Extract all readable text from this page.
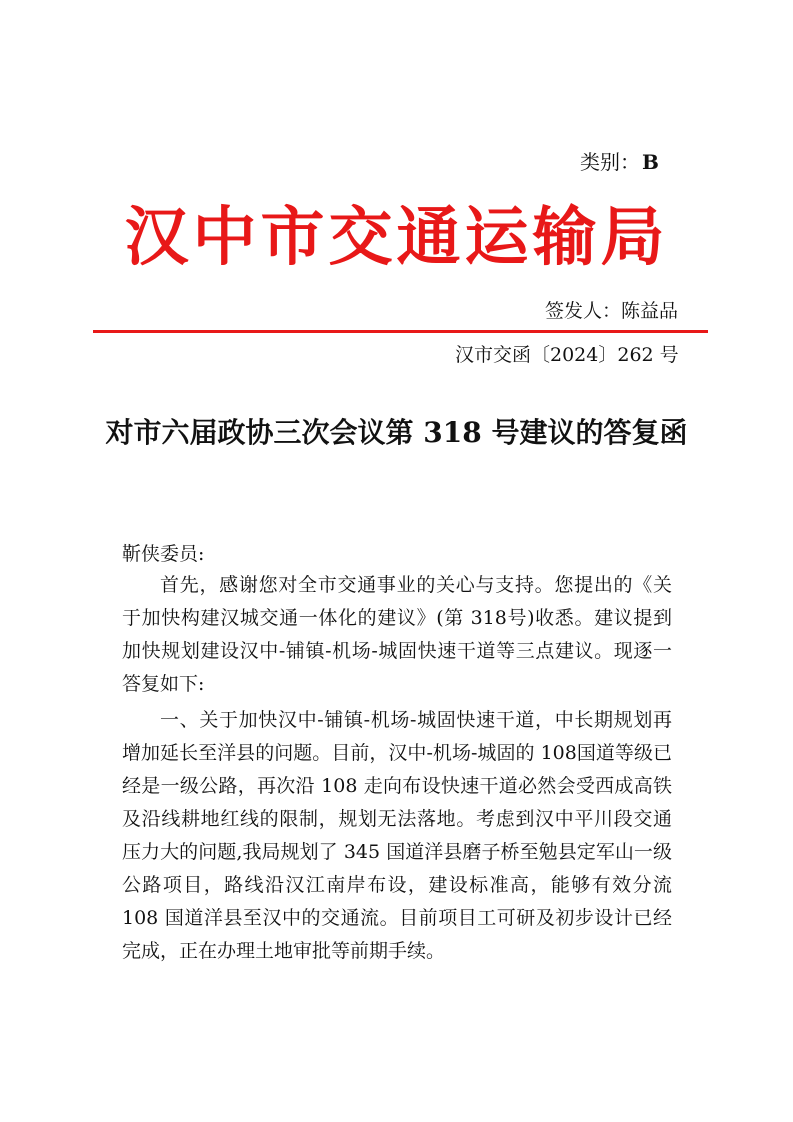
类别： B
汉中市交通运输局
签发人：陈益品
汉市交函〔2024〕262 号
对市六届政协三次会议第 318 号建议的答复函
靳侠委员:

首先，感谢您对全市交通事业的关心与支持。您提出的《关于加快构建汉城交通一体化的建议》(第 318号)收悉。建议提到加快规划建设汉中-铺镇-机场-城固快速干道等三点建议。现逐一答复如下:

一、关于加快汉中-铺镇-机场-城固快速干道，中长期规划再增加延长至洋县的问题。目前，汉中-机场-城固的 108国道等级已经是一级公路，再次沿 108 走向布设快速干道必然会受西成高铁及沿线耕地红线的限制，规划无法落地。考虑到汉中平川段交通压力大的问题,我局规划了 345 国道洋县磨子桥至勉县定军山一级公路项目，路线沿汉江南岸布设，建设标准高，能够有效分流 108 国道洋县至汉中的交通流。目前项目工可研及初步设计已经完成，正在办理土地审批等前期手续。
